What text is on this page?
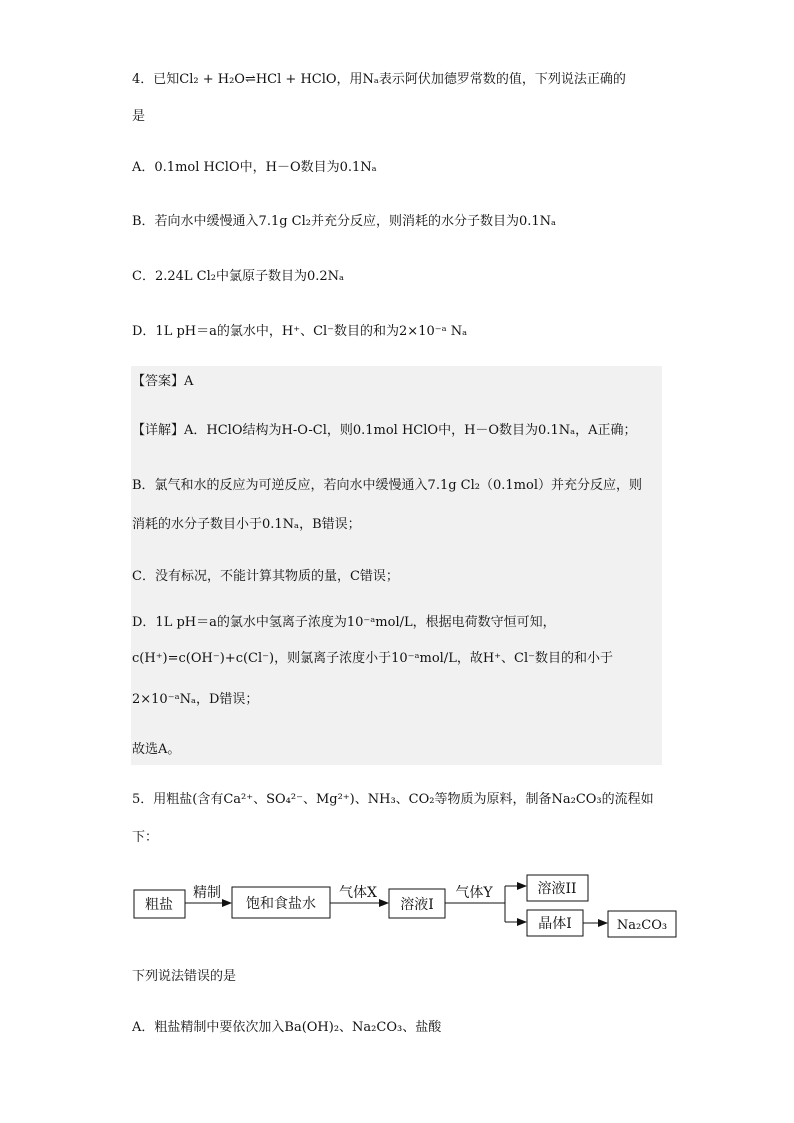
4．已知Cl₂ + H₂O⇌HCl + HClO，用Nₐ表示阿伏加德罗常数的值，下列说法正确的
是
A．0.1mol HClO中，H－O数目为0.1Nₐ
B．若向水中缓慢通入7.1g Cl₂并充分反应，则消耗的水分子数目为0.1Nₐ
C．2.24L Cl₂中氯原子数目为0.2Nₐ
D．1L pH＝a的氯水中，H⁺、Cl⁻数目的和为2×10⁻ᵃ Nₐ
【答案】A
【详解】A．HClO结构为H-O-Cl，则0.1mol HClO中，H－O数目为0.1Nₐ，A正确；
B．氯气和水的反应为可逆反应，若向水中缓慢通入7.1g Cl₂（0.1mol）并充分反应，则
消耗的水分子数目小于0.1Nₐ，B错误；
C．没有标况，不能计算其物质的量，C错误；
D．1L pH＝a的氯水中氢离子浓度为10⁻ᵃmol/L，根据电荷数守恒可知，
c(H⁺)=c(OH⁻)+c(Cl⁻)，则氯离子浓度小于10⁻ᵃmol/L，故H⁺、Cl⁻数目的和小于
2×10⁻ᵃNₐ，D错误；
故选A。
5．用粗盐(含有Ca²⁺、SO₄²⁻、Mg²⁺)、NH₃、CO₂等物质为原料，制备Na₂CO₃的流程如
下：
粗盐
精制
饱和食盐水
气体X
溶液I
气体Y	溶液II
晶体I	Na₂CO₃
下列说法错误的是
A．粗盐精制中要依次加入Ba(OH)₂、Na₂CO₃、盐酸
